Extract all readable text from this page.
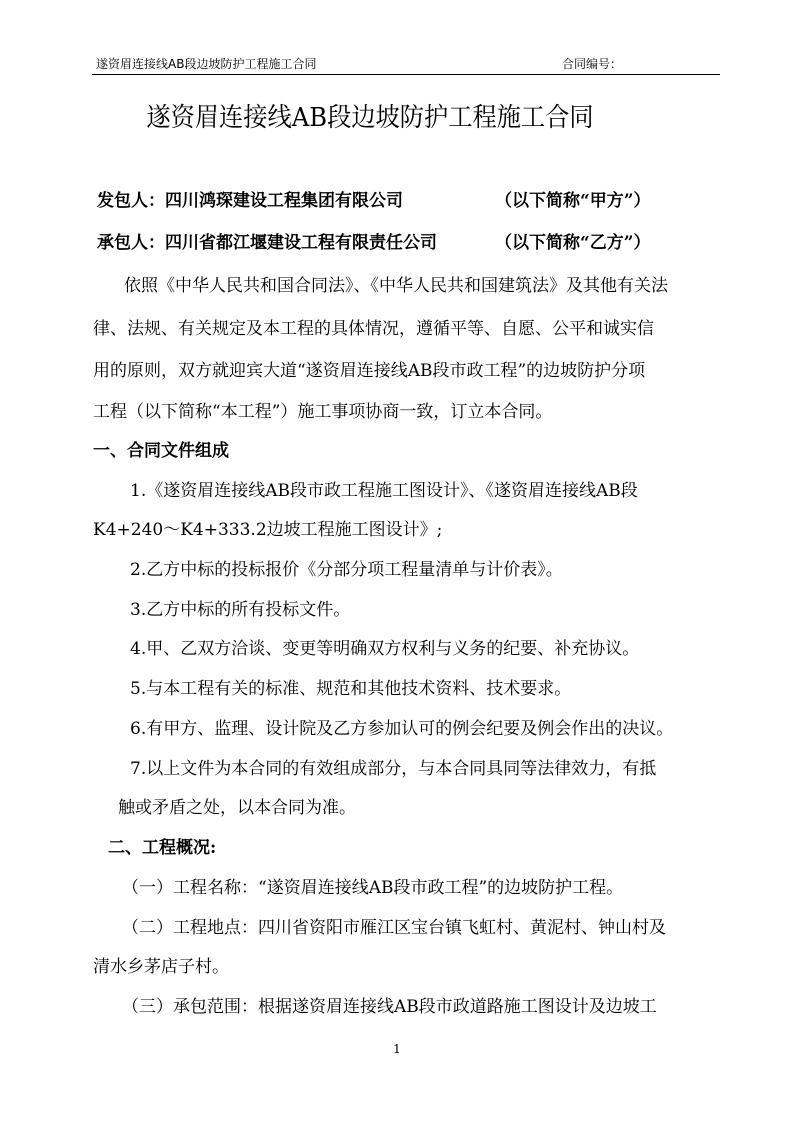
遂资眉连接线AB段边坡防护工程施工合同	合同编号：
遂资眉连接线AB段边坡防护工程施工合同
发包人：四川鸿琛建设工程集团有限公司	（以下简称“甲方”）
承包人：四川省都江堰建设工程有限责任公司	（以下简称“乙方”）
依照《中华人民共和国合同法》、《中华人民共和国建筑法》及其他有关法
律、法规、有关规定及本工程的具体情况，遵循平等、自愿、公平和诚实信
用的原则，双方就迎宾大道“遂资眉连接线AB段市政工程”的边坡防护分项
工程（以下简称“本工程”）施工事项协商一致，订立本合同。
一、合同文件组成
1.《遂资眉连接线AB段市政工程施工图设计》、《遂资眉连接线AB段
K4+240～K4+333.2边坡工程施工图设计》;
2.乙方中标的投标报价《分部分项工程量清单与计价表》。
3.乙方中标的所有投标文件。
4.甲、乙双方洽谈、变更等明确双方权利与义务的纪要、补充协议。
5.与本工程有关的标准、规范和其他技术资料、技术要求。
6.有甲方、监理、设计院及乙方参加认可的例会纪要及例会作出的决议。
7.以上文件为本合同的有效组成部分，与本合同具同等法律效力，有抵
触或矛盾之处，以本合同为准。
二、工程概况:
（一）工程名称：“遂资眉连接线AB段市政工程”的边坡防护工程。
（二）工程地点：四川省资阳市雁江区宝台镇飞虹村、黄泥村、钟山村及
清水乡茅店子村。
（三）承包范围：根据遂资眉连接线AB段市政道路施工图设计及边坡工
1
